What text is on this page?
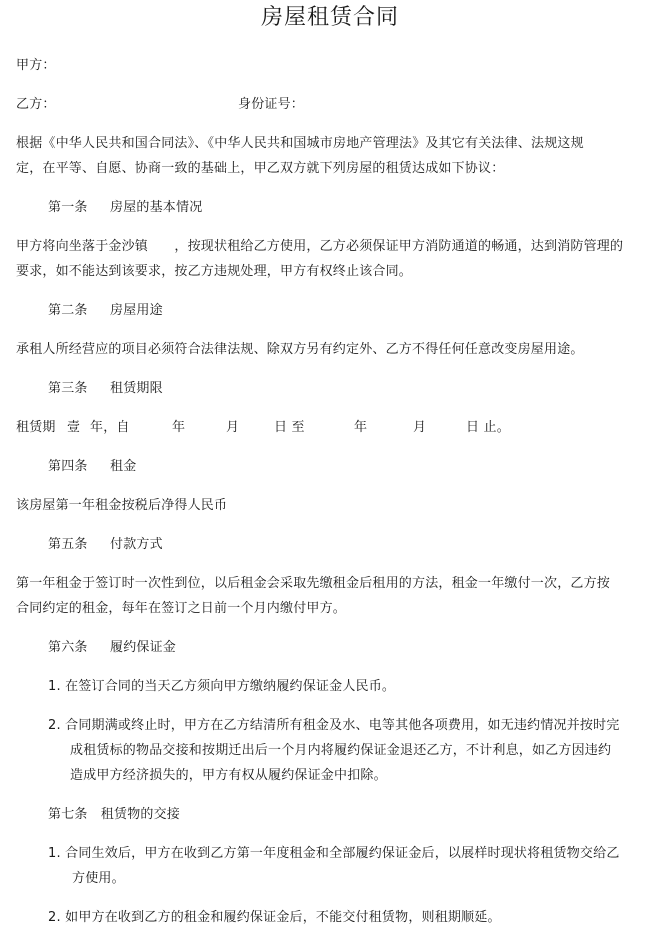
房屋租赁合同
甲方：
乙方：	身份证号：
根据《中华人民共和国合同法》、《中华人民共和国城市房地产管理法》及其它有关法律、法规这规
定，在平等、自愿、协商一致的基础上，甲乙双方就下列房屋的租赁达成如下协议：
第一条 房屋的基本情况
甲方将向坐落于金沙镇　　，按现状租给乙方使用，乙方必须保证甲方消防通道的畅通，达到消防管理的
要求，如不能达到该要求，按乙方违规处理，甲方有权终止该合同。
第二条 房屋用途
承租人所经营应的项目必须符合法律法规、除双方另有约定外、乙方不得任何任意改变房屋用途。
第三条 租赁期限
租赁期 壹 年，自	年	月	日 至	年	月	日 止。
第四条 租金
该房屋第一年租金按税后净得人民币
第五条 付款方式
第一年租金于签订时一次性到位，以后租金会采取先缴租金后租用的方法，租金一年缴付一次，乙方按
合同约定的租金，每年在签订之日前一个月内缴付甲方。
第六条 履约保证金
1. 在签订合同的当天乙方须向甲方缴纳履约保证金人民币。
2. 合同期满或终止时，甲方在乙方结清所有租金及水、电等其他各项费用，如无违约情况并按时完
成租赁标的物品交接和按期迁出后一个月内将履约保证金退还乙方，不计利息，如乙方因违约
造成甲方经济损失的，甲方有权从履约保证金中扣除。
第七条　租赁物的交接
1. 合同生效后，甲方在收到乙方第一年度租金和全部履约保证金后，以展样时现状将租赁物交给乙
方使用。
2. 如甲方在收到乙方的租金和履约保证金后，不能交付租赁物，则租期顺延。
